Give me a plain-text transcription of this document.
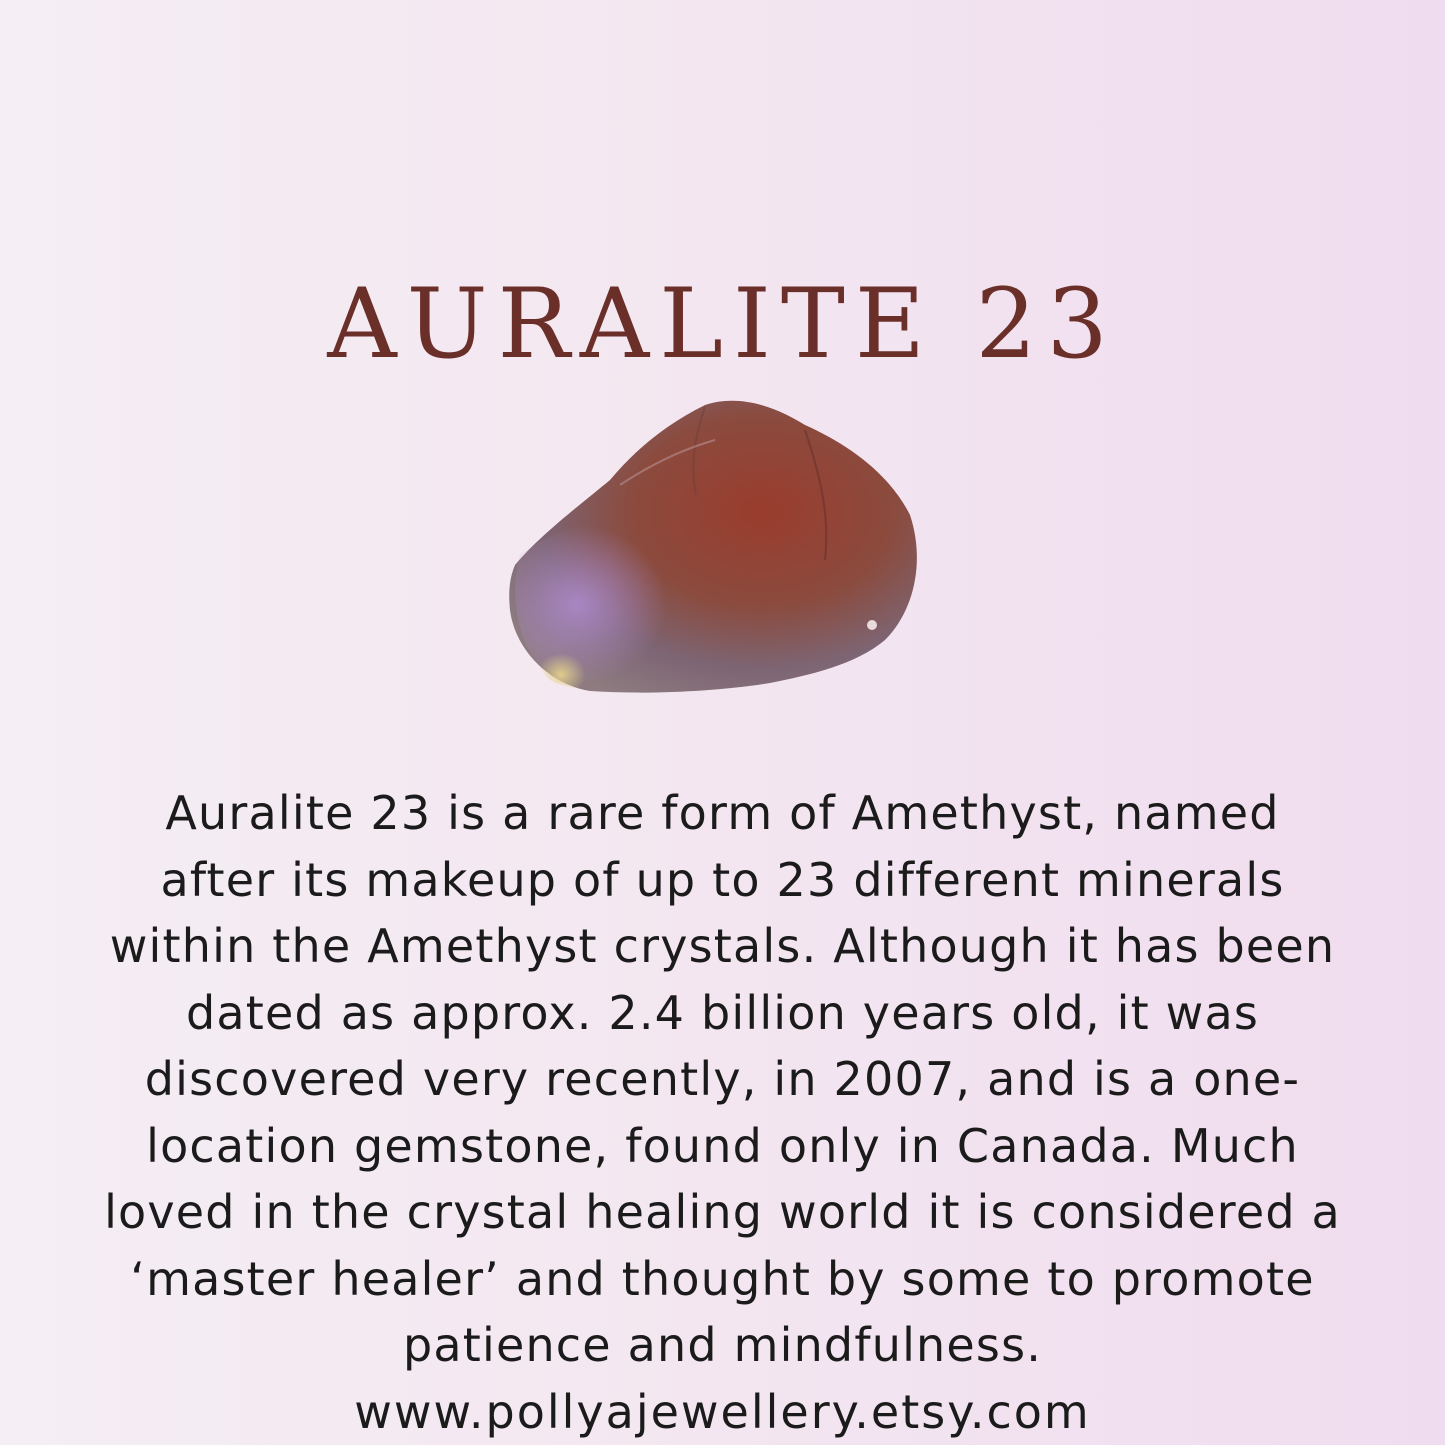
AURALITE 23
Auralite 23 is a rare form of Amethyst, named
after its makeup of up to 23 different minerals
within the Amethyst crystals. Although it has been
dated as approx. 2.4 billion years old, it was
discovered very recently, in 2007, and is a one-
location gemstone, found only in Canada. Much
loved in the crystal healing world it is considered a
‘master healer’ and thought by some to promote
patience and mindfulness.
www.pollyajewellery.etsy.com
